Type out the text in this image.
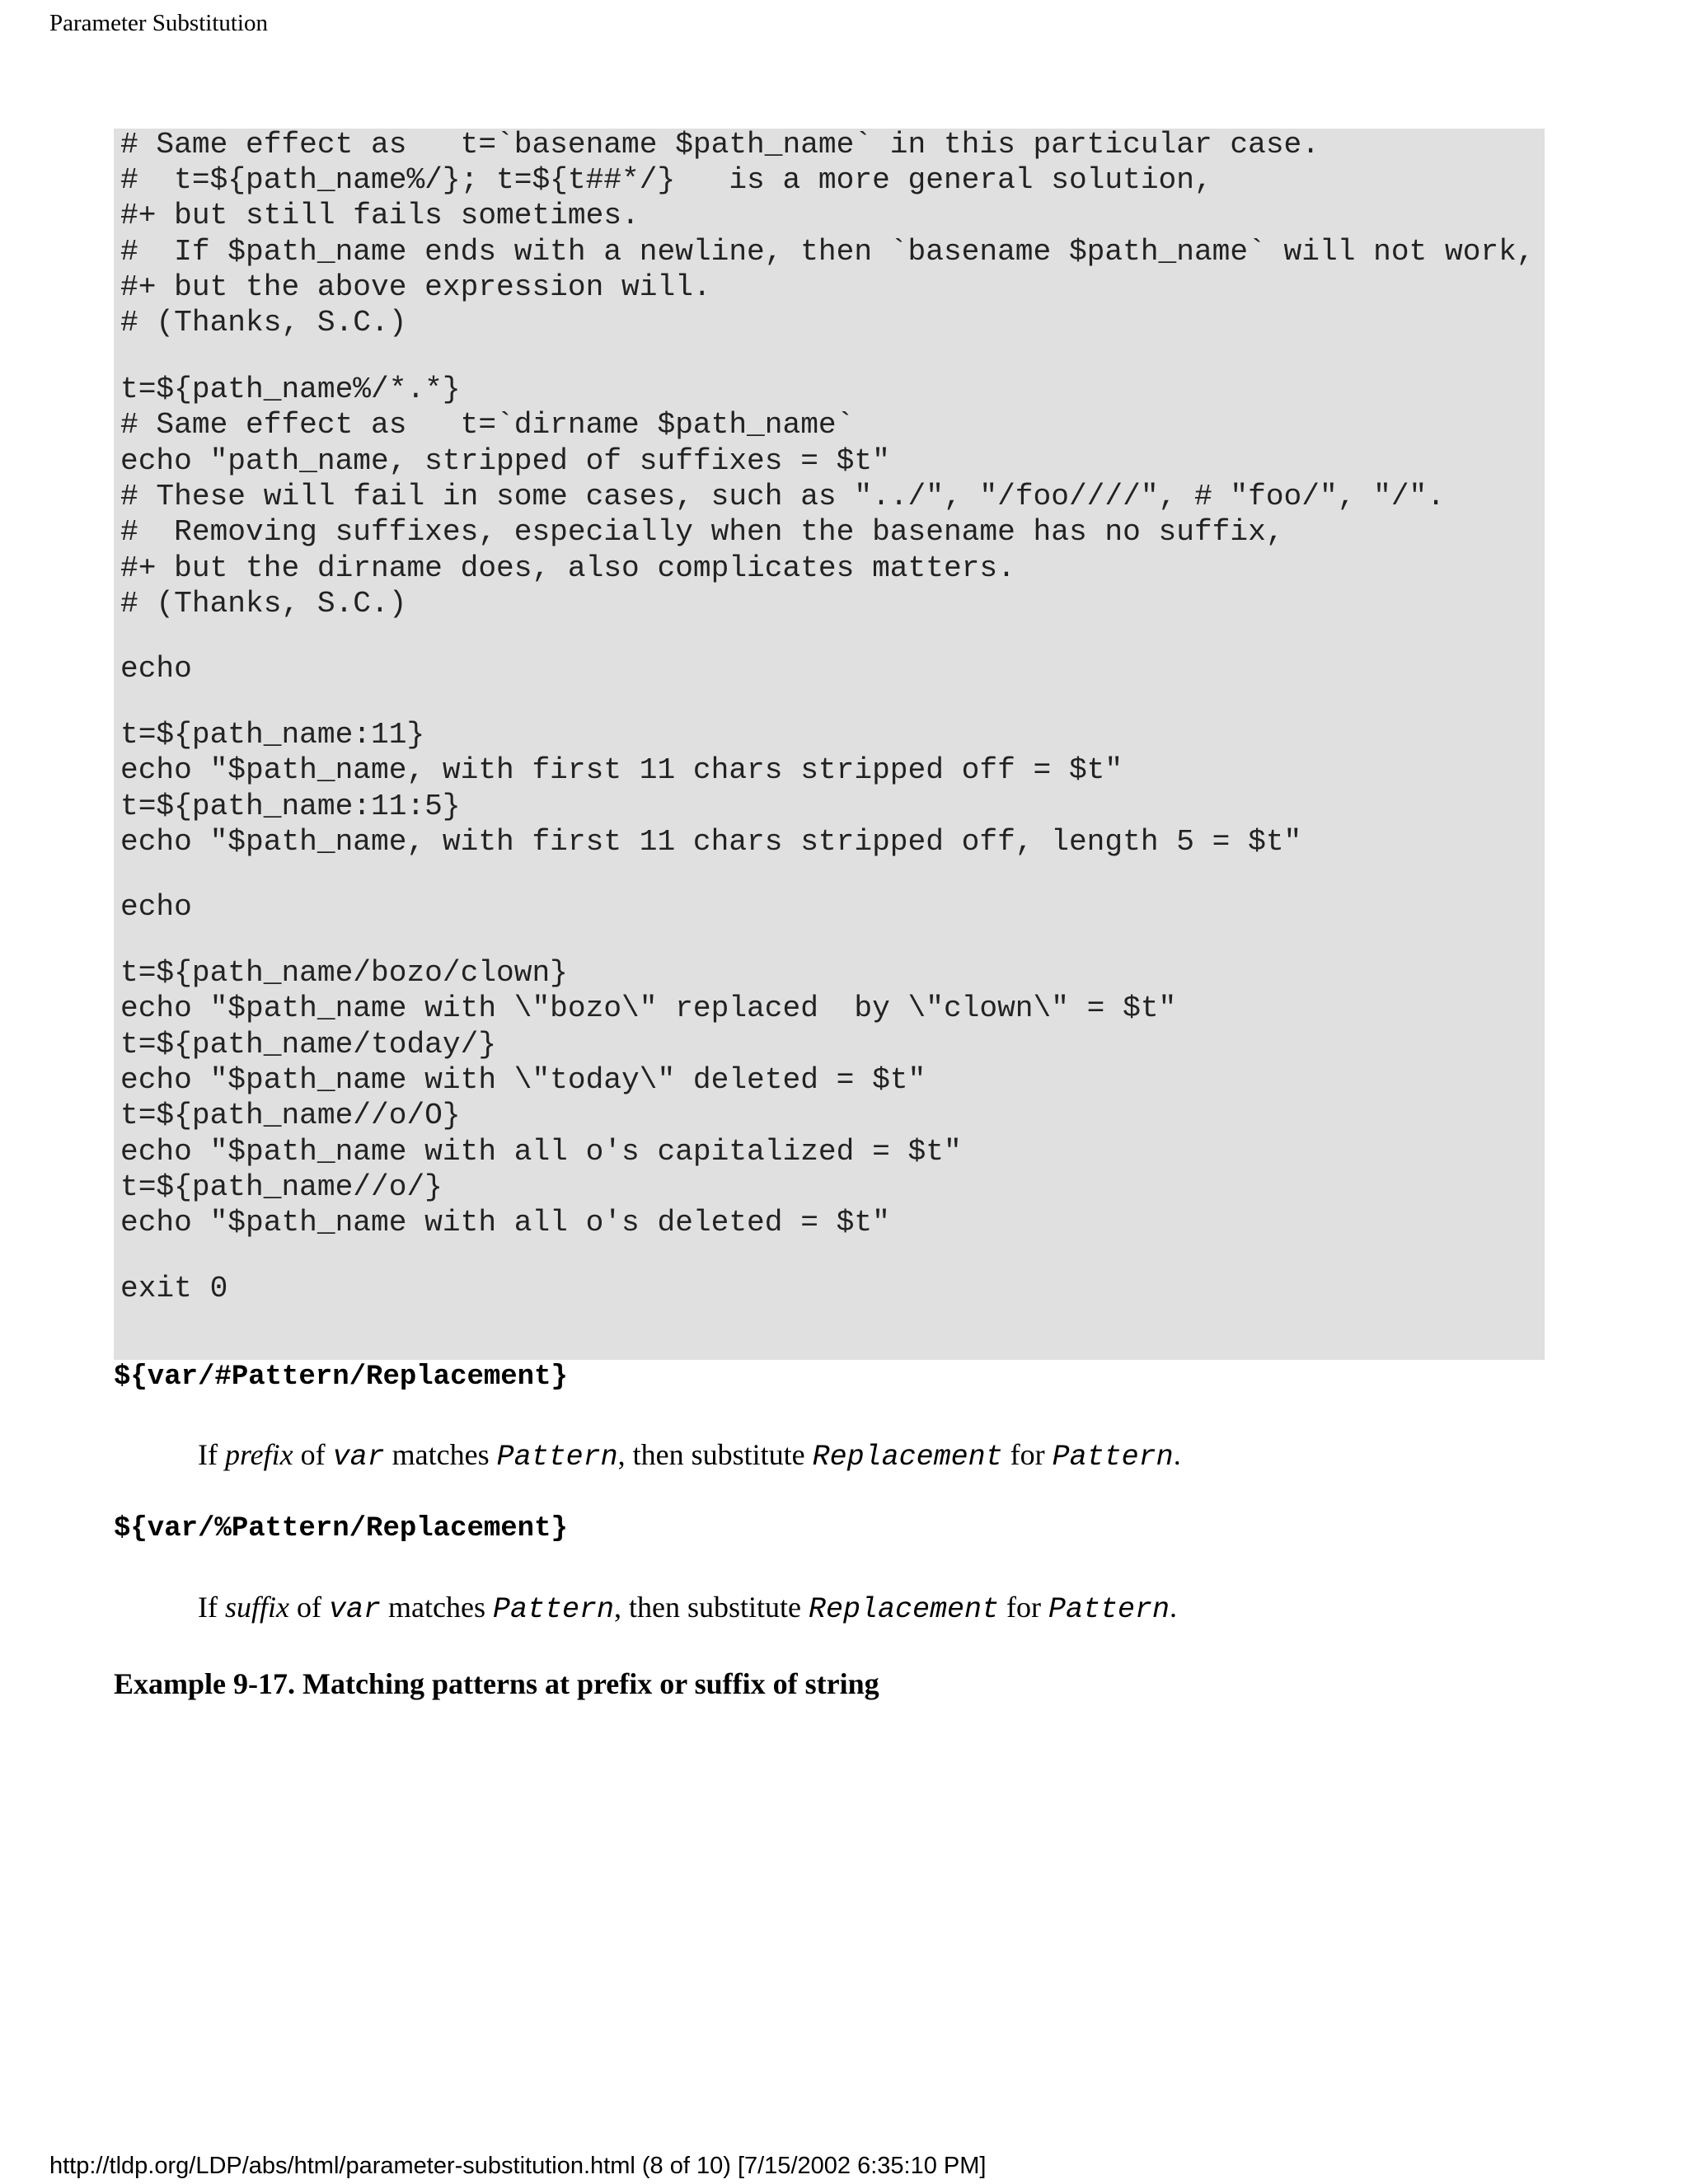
Parameter Substitution

# Same effect as   t=`basename $path_name` in this particular case.

#  t=${path_name%/}; t=${t##*/}   is a more general solution,

#+ but still fails sometimes.

#  If $path_name ends with a newline, then `basename $path_name` will not work,

#+ but the above expression will.

# (Thanks, S.C.)

t=${path_name%/*.*}

# Same effect as   t=`dirname $path_name`

echo "path_name, stripped of suffixes = $t"

# These will fail in some cases, such as "../", "/foo////", # "foo/", "/".

#  Removing suffixes, especially when the basename has no suffix,

#+ but the dirname does, also complicates matters.

# (Thanks, S.C.)

echo

t=${path_name:11}

echo "$path_name, with first 11 chars stripped off = $t"

t=${path_name:11:5}

echo "$path_name, with first 11 chars stripped off, length 5 = $t"

echo

t=${path_name/bozo/clown}

echo "$path_name with \"bozo\" replaced  by \"clown\" = $t"

t=${path_name/today/}

echo "$path_name with \"today\" deleted = $t"

t=${path_name//o/O}

echo "$path_name with all o's capitalized = $t"

t=${path_name//o/}

echo "$path_name with all o's deleted = $t"

exit 0

${var/#Pattern/Replacement}
If prefix of var matches Pattern, then substitute Replacement for Pattern.
${var/%Pattern/Replacement}
If suffix of var matches Pattern, then substitute Replacement for Pattern.
Example 9-17. Matching patterns at prefix or suffix of string
http://tldp.org/LDP/abs/html/parameter-substitution.html (8 of 10) [7/15/2002 6:35:10 PM]
